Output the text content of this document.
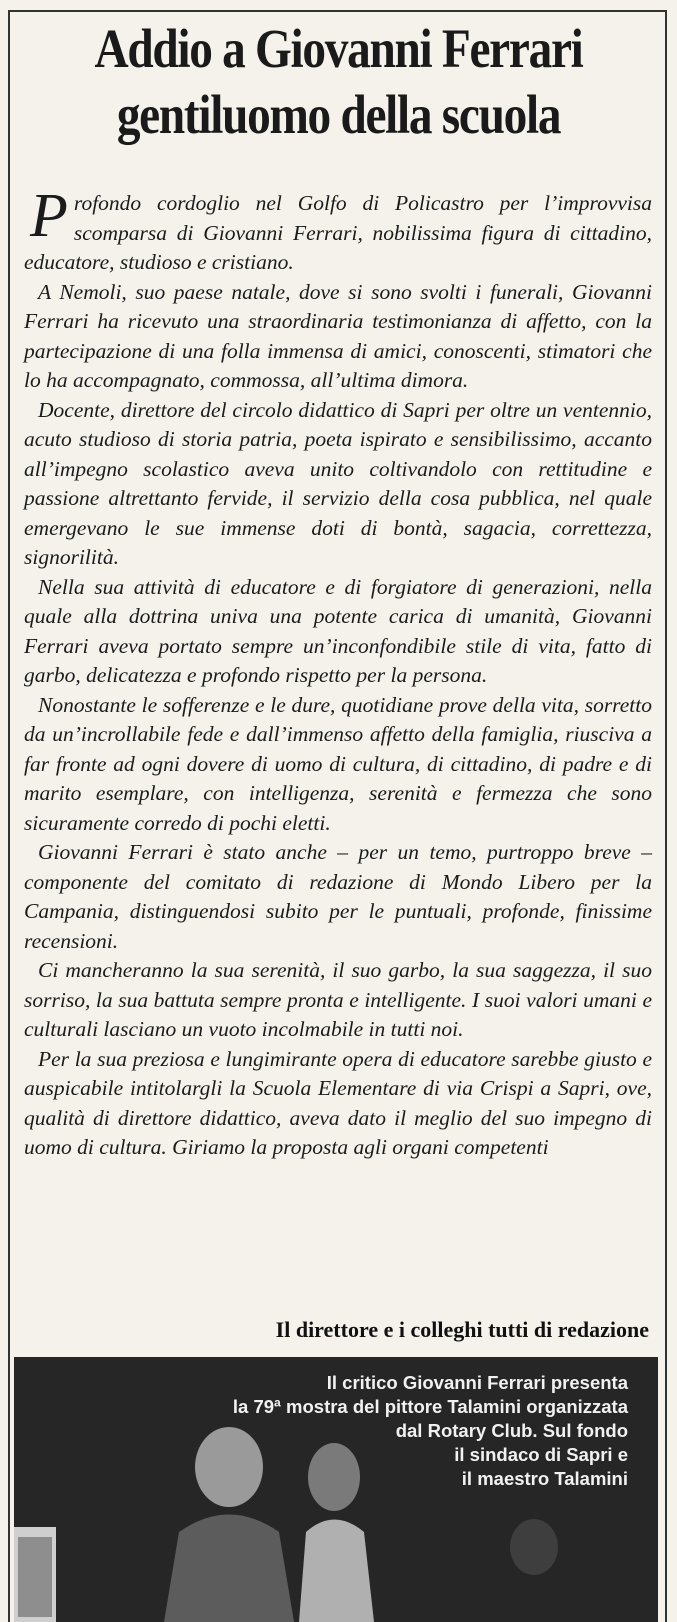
Addio a Giovanni Ferrari
gentiluomo della scuola

Profondo cordoglio nel Golfo di Policastro per l’improvvisa scomparsa di Giovanni Ferrari, nobilissima figura di cittadino, educatore, studioso e cristiano.

A Nemoli, suo paese natale, dove si sono svolti i funerali, Giovanni Ferrari ha ricevuto una straordinaria testimonianza di affetto, con la partecipazione di una folla immensa di amici, conoscenti, stimatori che lo ha accompagnato, commossa, all’ultima dimora.

Docente, direttore del circolo didattico di Sapri per oltre un ventennio, acuto studioso di storia patria, poeta ispirato e sensibilissimo, accanto all’impegno scolastico aveva unito coltivandolo con rettitudine e passione altrettanto fervide, il servizio della cosa pubblica, nel quale emergevano le sue immense doti di bontà, sagacia, correttezza, signorilità.

Nella sua attività di educatore e di forgiatore di generazioni, nella quale alla dottrina univa una potente carica di umanità, Giovanni Ferrari aveva portato sempre un’inconfondibile stile di vita, fatto di garbo, delicatezza e profondo rispetto per la persona.

Nonostante le sofferenze e le dure, quotidiane prove della vita, sorretto da un’incrollabile fede e dall’immenso affetto della famiglia, riusciva a far fronte ad ogni dovere di uomo di cultura, di cittadino, di padre e di marito esemplare, con intelligenza, serenità e fermezza che sono sicuramente corredo di pochi eletti.

Giovanni Ferrari è stato anche – per un temo, purtroppo breve – componente del comitato di redazione di Mondo Libero per la Campania, distinguendosi subito per le puntuali, profonde, finissime recensioni.

Ci mancheranno la sua serenità, il suo garbo, la sua saggezza, il suo sorriso, la sua battuta sempre pronta e intelligente. I suoi valori umani e culturali lasciano un vuoto incolmabile in tutti noi.

Per la sua preziosa e lungimirante opera di educatore sarebbe giusto e auspicabile intitolargli la Scuola Elementare di via Crispi a Sapri, ove, qualità di direttore didattico, aveva dato il meglio del suo impegno di uomo di cultura. Giriamo la proposta agli organi competenti

Il direttore e i colleghi tutti di redazione
Il critico Giovanni Ferrari presenta
la 79ª mostra del pittore Talamini organizzata
dal Rotary Club. Sul fondo
il sindaco di Sapri e
il maestro Talamini
